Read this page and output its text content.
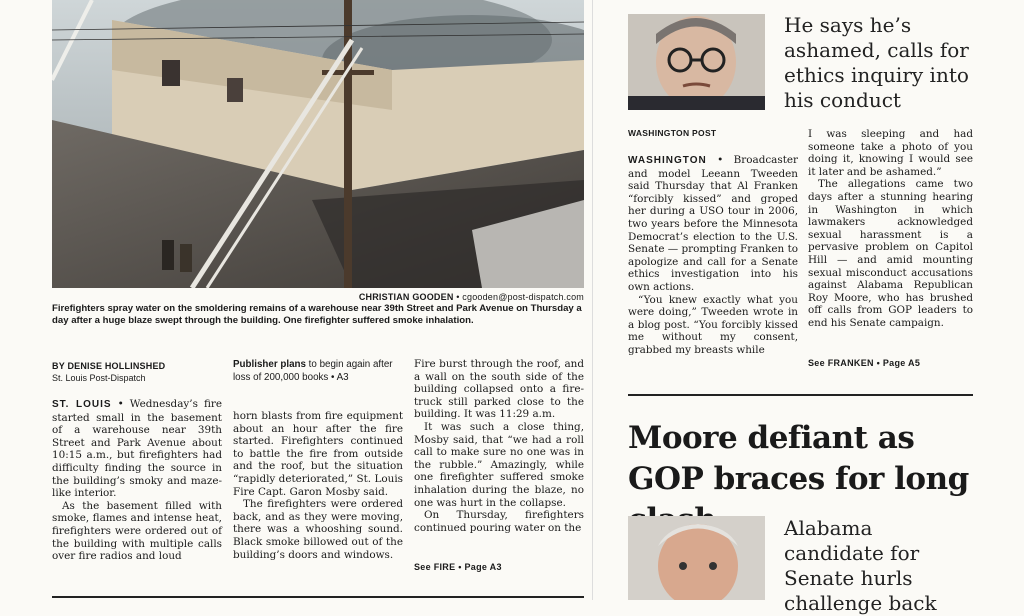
CHRISTIAN GOODEN • cgooden@post-dispatch.com
Firefighters spray water on the smoldering remains of a warehouse near 39th Street and Park Avenue on Thursday a day after a huge blaze swept through the building. One firefighter suffered smoke inhalation.
BY DENISE HOLLINSHED
St. Louis Post-Dispatch
Publisher plans to begin again after loss of 200,000 books • A3

ST. LOUIS • Wednesday’s fire started small in the basement of a warehouse near 39th Street and Park Avenue about 10:15 a.m., but firefighters had difficulty finding the source in the building’s smoky and maze-like interior.

As the basement filled with smoke, flames and intense heat, firefighters were ordered out of the building with multiple calls over fire radios and loud

horn blasts from fire equipment about an hour after the fire started. Firefighters continued to battle the fire from outside and the roof, but the situation “rapidly deteriorated,” St. Louis Fire Capt. Garon Mosby said.

The firefighters were ordered back, and as they were moving, there was a whooshing sound. Black smoke billowed out of the building’s doors and windows.

Fire burst through the roof, and a wall on the south side of the building collapsed onto a fire-truck still parked close to the building. It was 11:29 a.m.

It was such a close thing, Mosby said, that “we had a roll call to make sure no one was in the rubble.” Amazingly, while one firefighter suffered smoke inhalation during the blaze, no one was hurt in the collapse.

On Thursday, firefighters continued pouring water on the

See FIRE • Page A3
He says he’s ashamed, calls for ethics inquiry into his conduct
WASHINGTON POST

WASHINGTON • Broadcaster and model Leeann Tweeden said Thursday that Al Franken “forcibly kissed” and groped her during a USO tour in 2006, two years before the Minnesota Democrat’s election to the U.S. Senate — prompting Franken to apologize and call for a Senate ethics investigation into his own actions.

“You knew exactly what you were doing,” Tweeden wrote in a blog post. “You forcibly kissed me without my consent, grabbed my breasts while

I was sleeping and had someone take a photo of you doing it, knowing I would see it later and be ashamed.”

The allegations came two days after a stunning hearing in Washington in which lawmakers acknowledged sexual harassment is a pervasive problem on Capitol Hill — and amid mounting sexual misconduct accusations against Alabama Republican Roy Moore, who has brushed off calls from GOP leaders to end his Senate campaign.

See FRANKEN • Page A5
Moore defiant as GOP braces for long
Alabama candidate for Senate hurls challenge back
